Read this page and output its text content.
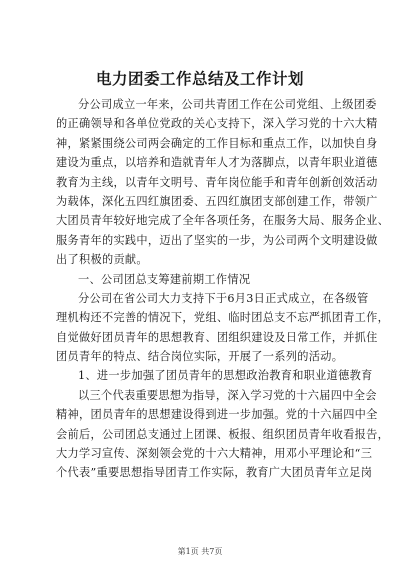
电力团委工作总结及工作计划
分公司成立一年来，公司共青团工作在公司党组、上级团委
的正确领导和各单位党政的关心支持下，深入学习党的十六大精
神，紧紧围绕公司两会确定的工作目标和重点工作，以加快自身
建设为重点，以培养和造就青年人才为落脚点，以青年职业道德
教育为主线，以青年文明号、青年岗位能手和青年创新创效活动
为载体，深化五四红旗团委、五四红旗团支部创建工作，带领广
大团员青年较好地完成了全年各项任务，在服务大局、服务企业、
服务青年的实践中，迈出了坚实的一步，为公司两个文明建设做
出了积极的贡献。
一、公司团总支筹建前期工作情况
分公司在省公司大力支持下于6月3日正式成立，在各级管
理机构还不完善的情况下，党组、临时团总支不忘严抓团青工作，
自觉做好团员青年的思想教育、团组织建设及日常工作，并抓住
团员青年的特点、结合岗位实际，开展了一系列的活动。
1、进一步加强了团员青年的思想政治教育和职业道德教育
以三个代表重要思想为指导，深入学习党的十六届四中全会
精神，团员青年的思想建设得到进一步加强。党的十六届四中全
会前后，公司团总支通过上团课、板报、组织团员青年收看报告，
大力学习宣传、深刻领会党的十六大精神，用邓小平理论和“三
个代表”重要思想指导团青工作实际，教育广大团员青年立足岗
第1页 共7页
